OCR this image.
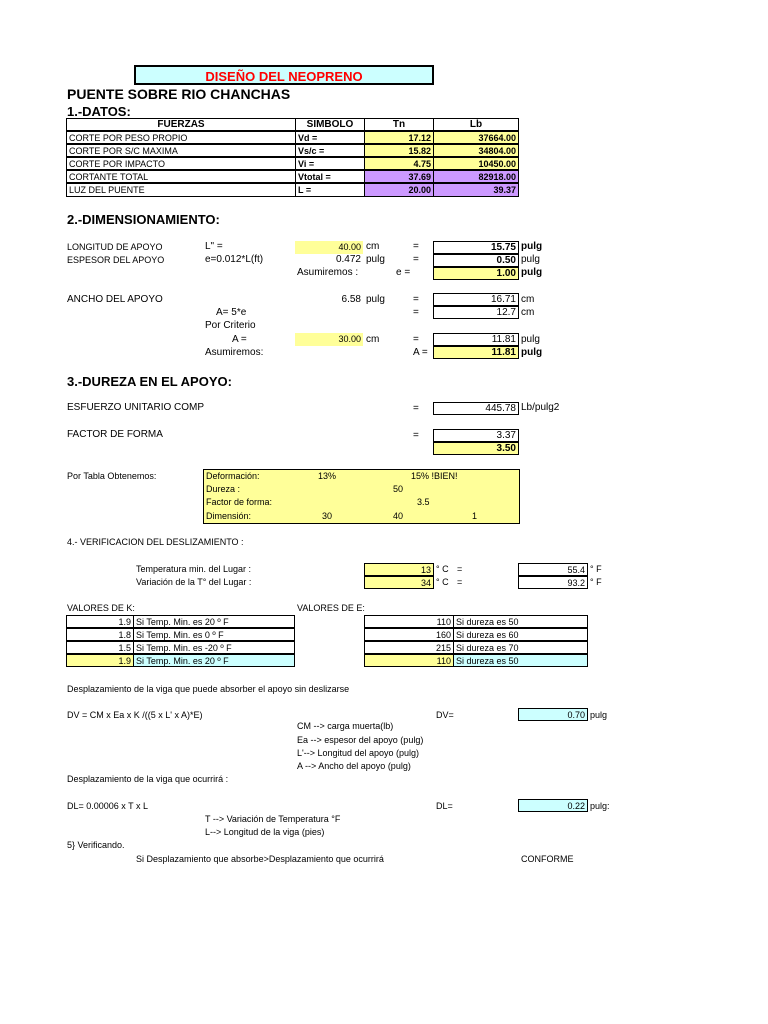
DISEÑO DEL NEOPRENO
PUENTE SOBRE RIO CHANCHAS
1.-DATOS:
FUERZAS	SIMBOLO	Tn	Lb
CORTE POR PESO PROPIO	Vd =	17.12	37664.00
CORTE POR S/C MAXIMA	Vs/c =	15.82	34804.00
CORTE POR IMPACTO	Vi =	4.75	10450.00
CORTANTE TOTAL	Vtotal =	37.69	82918.00
LUZ DEL PUENTE	L =	20.00	39.37
2.-DIMENSIONAMIENTO:
LONGITUD DE APOYO	L" =	40.00 cm	=	15.75 pulg
ESPESOR DEL APOYO	e=0.012*L(ft)	0.472 pulg	=	0.50 pulg
Asumiremos :	e =	1.00 pulg
ANCHO DEL APOYO	6.58 pulg	=	16.71 cm
A= 5*e	=	12.7 cm
Por Criterio
A =	30.00 cm	=	11.81 pulg
Asumiremos:	A =	11.81 pulg
3.-DUREZA EN EL APOYO:
ESFUERZO UNITARIO COMP	=	445.78 Lb/pulg2
FACTOR DE FORMA	=	3.37
3.50
Por Tabla Obtenemos:	Deformación:	13%	15% !BIEN!
Dureza :	50
Factor de forma:	3.5
Dimensión:	30	40	1
4.- VERIFICACION DEL DESLIZAMIENTO :
Temperatura min. del Lugar :	13 ° C =	55.4 ° F
Variación de la T° del Lugar :	34 ° C =	93.2 ° F
VALORES DE K:	VALORES DE E:
1.9 Si Temp. Min. es 20 º F
1.8 Si Temp. Min. es 0 º F
1.5 Si Temp. Min. es -20 º F
1.9 Si Temp. Min. es 20 º F
110 Si dureza es 50
160 Si dureza es 60
215 Si dureza es 70
110 Si dureza es 50
Desplazamiento de la viga que puede absorber el apoyo sin deslizarse
DV = CM x Ea x K /((5 x L' x A)*E)	DV=	0.70 pulg
CM --> carga muerta(lb)
Ea --> espesor del apoyo (pulg)
L'--> Longitud del apoyo (pulg)
A --> Ancho del apoyo (pulg)
Desplazamiento de la viga que ocurrirá :
DL= 0.00006 x T x L	DL=	0.22 pulg:
T --> Variación de Temperatura °F
L--> Longitud de la viga (pies)
5} Verificando.
Si Desplazamiento que absorbe>Desplazamiento que ocurrirá	CONFORME
